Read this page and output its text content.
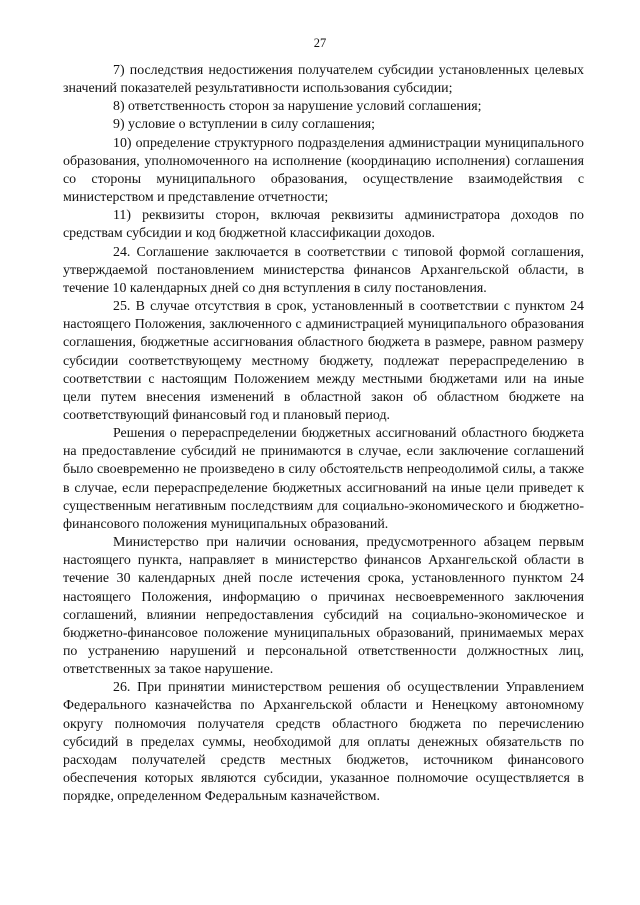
27

7) последствия недостижения получателем субсидии установленных целевых значений показателей результативности использования субсидии;

8) ответственность сторон за нарушение условий соглашения;

9) условие о вступлении в силу соглашения;

10) определение структурного подразделения администрации муниципального образования, уполномоченного на исполнение (координацию исполнения) соглашения со стороны муниципального образования, осуществление взаимодействия с министерством и представление отчетности;

11) реквизиты сторон, включая реквизиты администратора доходов по средствам субсидии и код бюджетной классификации доходов.

24. Соглашение заключается в соответствии с типовой формой соглашения, утверждаемой постановлением министерства финансов Архангельской области, в течение 10 календарных дней со дня вступления в силу постановления.

25. В случае отсутствия в срок, установленный в соответствии с пунктом 24 настоящего Положения, заключенного с администрацией муниципального образования соглашения, бюджетные ассигнования областного бюджета в размере, равном размеру субсидии соответствующему местному бюджету, подлежат перераспределению в соответствии с настоящим Положением между местными бюджетами или на иные цели путем внесения изменений в областной закон об областном бюджете на соответствующий финансовый год и плановый период.

Решения о перераспределении бюджетных ассигнований областного бюджета на предоставление субсидий не принимаются в случае, если заключение соглашений было своевременно не произведено в силу обстоятельств непреодолимой силы, а также в случае, если перераспределение бюджетных ассигнований на иные цели приведет к существенным негативным последствиям для социально-экономического и бюджетно-финансового положения муниципальных образований.

Министерство при наличии основания, предусмотренного абзацем первым настоящего пункта, направляет в министерство финансов Архангельской области в течение 30 календарных дней после истечения срока, установленного пунктом 24 настоящего Положения, информацию о причинах несвоевременного заключения соглашений, влиянии непредоставления субсидий на социально-экономическое и бюджетно-финансовое положение муниципальных образований, принимаемых мерах по устранению нарушений и персональной ответственности должностных лиц, ответственных за такое нарушение.

26. При принятии министерством решения об осуществлении Управлением Федерального казначейства по Архангельской области и Ненецкому автономному округу полномочия получателя средств областного бюджета по перечислению субсидий в пределах суммы, необходимой для оплаты денежных обязательств по расходам получателей средств местных бюджетов, источником финансового обеспечения которых являются субсидии, указанное полномочие осуществляется в порядке, определенном Федеральным казначейством.
